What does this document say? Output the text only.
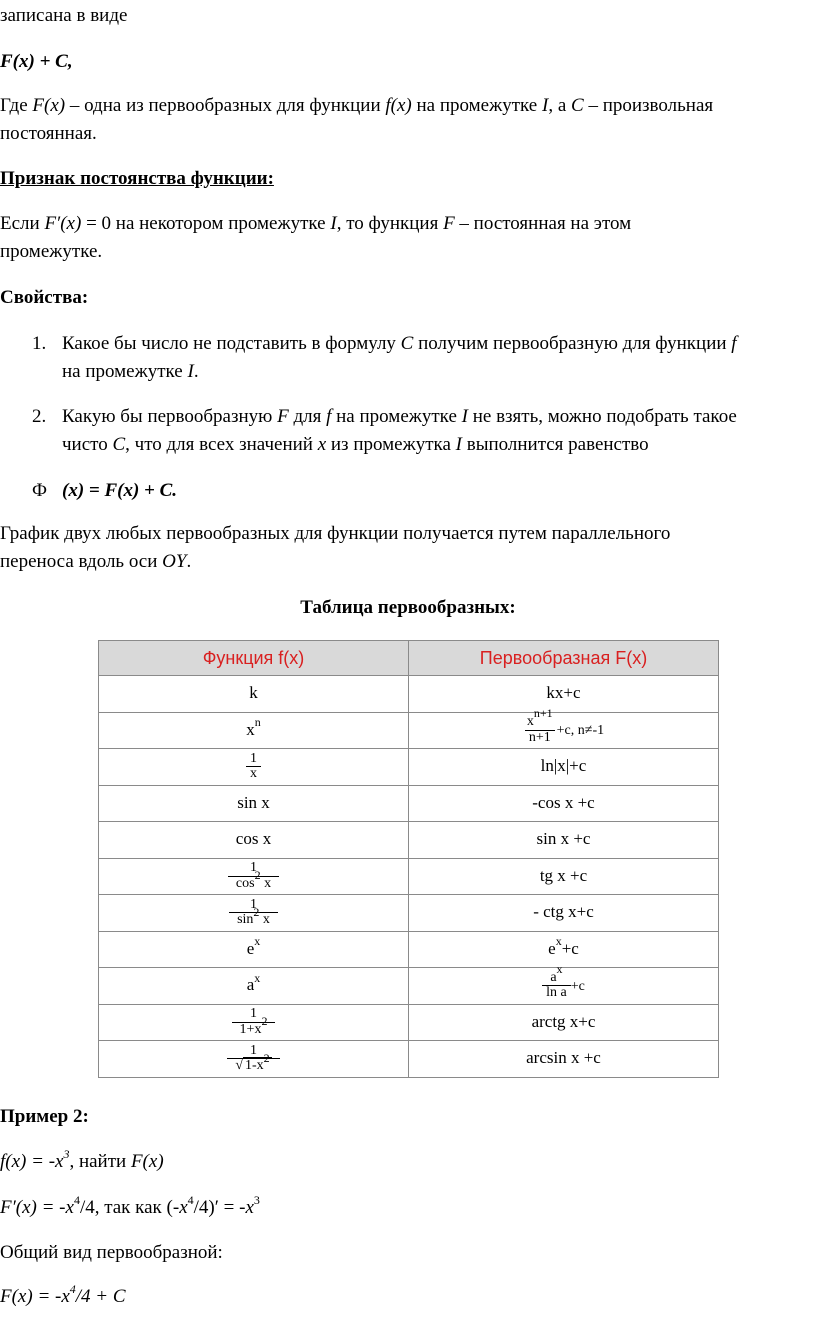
записана в виде
F(x) + C,
Где F(x) – одна из первообразных для функции f(x) на промежутке I, а C – произвольная
постоянная.
Признак постоянства функции:
Если F′(x) = 0 на некотором промежутке I, то функция F – постоянная на этом
промежутке.
Свойства:
1. Какое бы число не подставить в формулу С получим первообразную для функции f
на промежутке I.
2. Какую бы первообразную F для f на промежутке I не взять, можно подобрать такое
чисто С, что для всех значений x из промежутка I выполнится равенство
Ф (x) = F(x) + C.
График двух любых первообразных для функции получается путем параллельного
переноса вдоль оси OY.
Таблица первообразных:
Функция f(x)	Первообразная F(x)
k	kx+c
$x^n$	$\frac{x^{n+1}}{n+1} +c$, n≠-1

$\frac{1}{x}$	ln|x|+c
sin x	-cos x +c
cos x	sin x +c

$\frac{1}{\cos^2 x}$	tg x +c

$\frac{1}{\sin^2 x}$	- ctg x+c
$e^x$	$e^x+c$
$a^x$	$\frac{a^x}{\text{ln a}} +c$

$\frac{1}{1+x^2}$	arctg x+c

$\frac{1}{√ 1-x^2}$	arcsin x +c
Пример 2:
$f(x) = -x^3$, найти F(x)
$F'(x) = -x^4/4$, так как $(-x^4/4)' = -x^3$
Общий вид первообразной:
$F(x) = -x^4/4 + C$
